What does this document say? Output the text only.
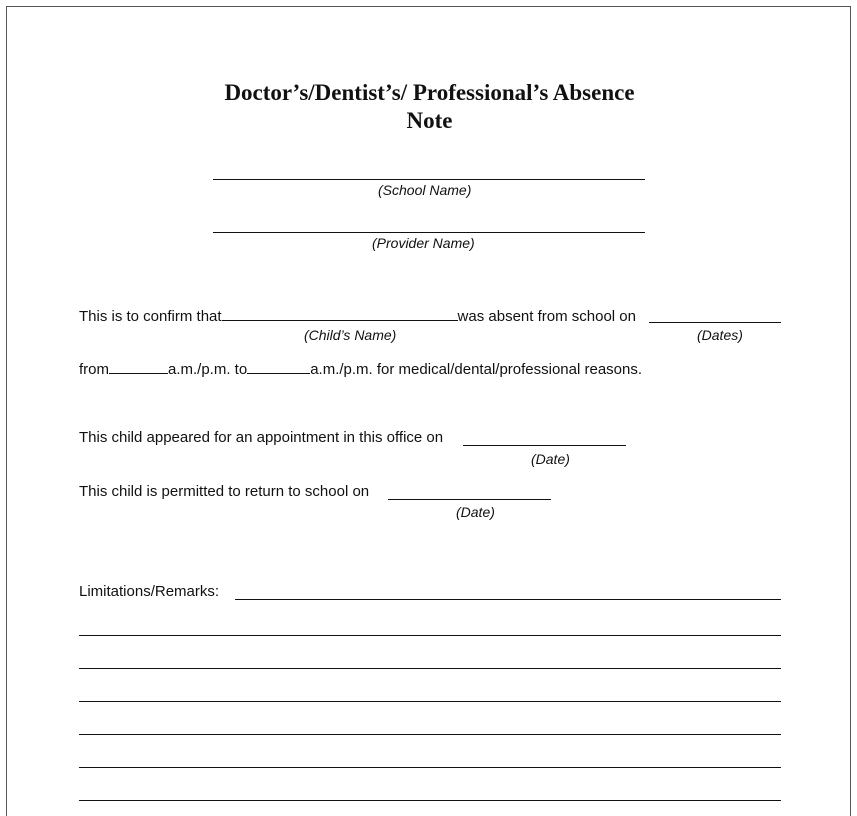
Doctor’s/Dentist’s/ Professional’s Absence
Note
(School Name)
(Provider Name)
This is to confirm that	was absent from school on
(Child’s Name)	(Dates)
from	a.m./p.m. to	a.m./p.m. for medical/dental/professional reasons.
This child appeared for an appointment in this office on
(Date)
This child is permitted to return to school on
(Date)
Limitations/Remarks:
